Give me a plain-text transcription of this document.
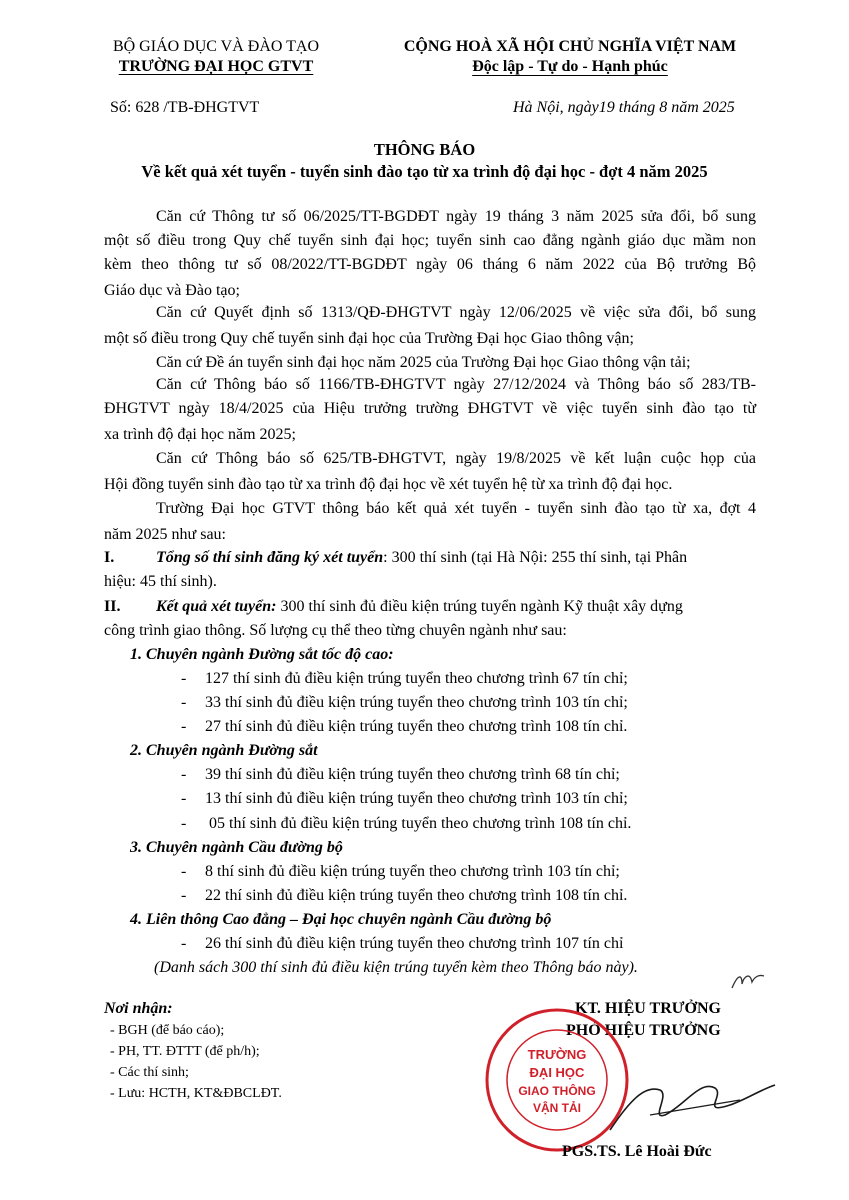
BỘ GIÁO DỤC VÀ ĐÀO TẠO
TRƯỜNG ĐẠI HỌC GTVT
CỘNG HOÀ XÃ HỘI CHỦ NGHĨA VIỆT NAM
Độc lập - Tự do - Hạnh phúc
Số: 628 /TB-ĐHGTVT	Hà Nội, ngày19 tháng 8 năm 2025
THÔNG BÁO
Về kết quả xét tuyển - tuyển sinh đào tạo từ xa trình độ đại học - đợt 4 năm 2025
Căn cứ Thông tư số 06/2025/TT-BGDĐT ngày 19 tháng 3 năm 2025 sửa đổi, bổ sung
một số điều trong Quy chế tuyển sinh đại học; tuyển sinh cao đẳng ngành giáo dục mầm non
kèm theo thông tư số 08/2022/TT-BGDĐT ngày 06 tháng 6 năm 2022 của Bộ trưởng Bộ
Giáo dục và Đào tạo;
Căn cứ Quyết định số 1313/QĐ-ĐHGTVT ngày 12/06/2025 về việc sửa đổi, bổ sung
một số điều trong Quy chế tuyển sinh đại học của Trường Đại học Giao thông vận;
Căn cứ Đề án tuyển sinh đại học năm 2025 của Trường Đại học Giao thông vận tải;
Căn cứ Thông báo số 1166/TB-ĐHGTVT ngày 27/12/2024 và Thông báo số 283/TB-
ĐHGTVT ngày 18/4/2025 của Hiệu trưởng trường ĐHGTVT về việc tuyển sinh đào tạo từ
xa trình độ đại học năm 2025;
Căn cứ Thông báo số 625/TB-ĐHGTVT, ngày 19/8/2025 về kết luận cuộc họp của
Hội đồng tuyển sinh đào tạo từ xa trình độ đại học về xét tuyển hệ từ xa trình độ đại học.
Trường Đại học GTVT thông báo kết quả xét tuyển - tuyển sinh đào tạo từ xa, đợt 4
năm 2025 như sau:
I.	Tổng số thí sinh đăng ký xét tuyển: 300 thí sinh (tại Hà Nội: 255 thí sinh, tại Phân
hiệu: 45 thí sinh).
II. Kết quả xét tuyển: 300 thí sinh đủ điều kiện trúng tuyển ngành Kỹ thuật xây dựng
công trình giao thông. Số lượng cụ thể theo từng chuyên ngành như sau:
1. Chuyên ngành Đường sắt tốc độ cao:
- 127 thí sinh đủ điều kiện trúng tuyển theo chương trình 67 tín chỉ;
- 33 thí sinh đủ điều kiện trúng tuyển theo chương trình 103 tín chỉ;
- 27 thí sinh đủ điều kiện trúng tuyển theo chương trình 108 tín chỉ.
2. Chuyên ngành Đường sắt
- 39 thí sinh đủ điều kiện trúng tuyển theo chương trình 68 tín chỉ;
- 13 thí sinh đủ điều kiện trúng tuyển theo chương trình 103 tín chỉ;
- 05 thí sinh đủ điều kiện trúng tuyển theo chương trình 108 tín chỉ.
3. Chuyên ngành Cầu đường bộ
- 8 thí sinh đủ điều kiện trúng tuyển theo chương trình 103 tín chỉ;
- 22 thí sinh đủ điều kiện trúng tuyển theo chương trình 108 tín chỉ.
4. Liên thông Cao đẳng – Đại học chuyên ngành Cầu đường bộ
- 26 thí sinh đủ điều kiện trúng tuyển theo chương trình 107 tín chỉ
(Danh sách 300 thí sinh đủ điều kiện trúng tuyển kèm theo Thông báo này).
Nơi nhận:
- BGH (để báo cáo);
- PH, TT. ĐTTT (để ph/h);
- Các thí sinh;
- Lưu: HCTH, KT&ĐBCLĐT.
KT. HIỆU TRƯỞNG
PHÓ HIỆU TRƯỞNG
TRƯỜNG
ĐẠI HỌC
GIAO THÔNG
VẬN TẢI
PGS.TS. Lê Hoài Đức
